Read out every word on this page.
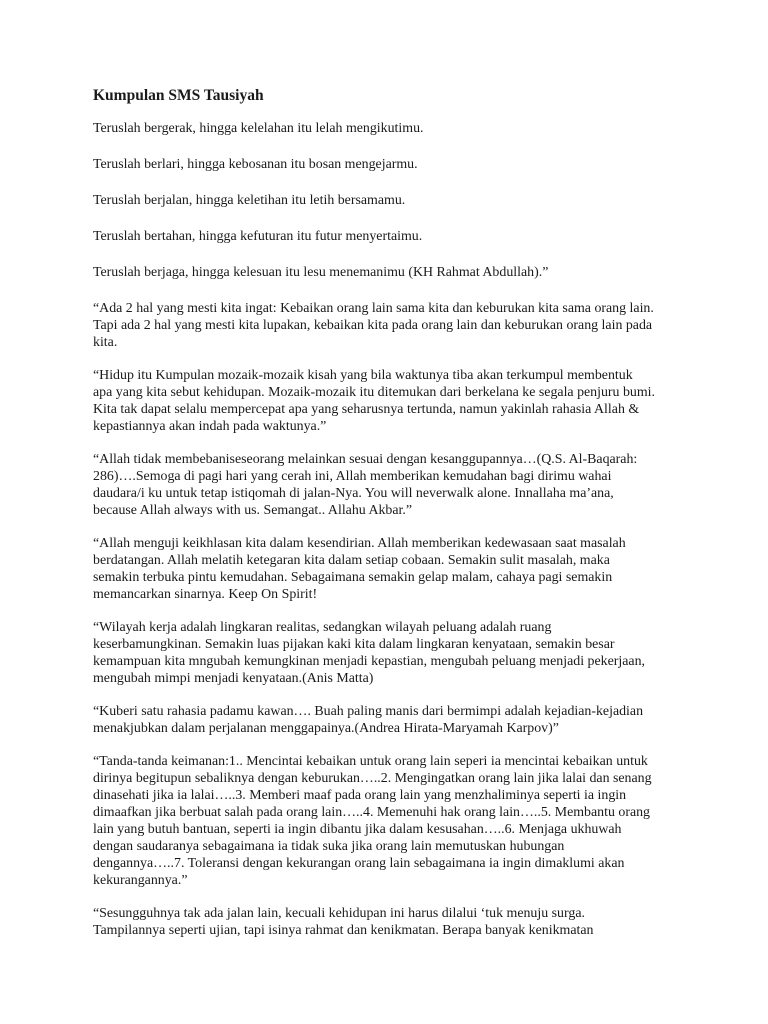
Kumpulan SMS Tausiyah

Teruslah bergerak, hingga kelelahan itu lelah mengikutimu.

Teruslah berlari, hingga kebosanan itu bosan mengejarmu.

Teruslah berjalan, hingga keletihan itu letih bersamamu.

Teruslah bertahan, hingga kefuturan itu futur menyertaimu.

Teruslah berjaga, hingga kelesuan itu lesu menemanimu (KH Rahmat Abdullah).”

“Ada 2 hal yang mesti kita ingat: Kebaikan orang lain sama kita dan keburukan kita sama orang lain. Tapi ada 2 hal yang mesti kita lupakan, kebaikan kita pada orang lain dan keburukan orang lain pada kita.

“Hidup itu Kumpulan mozaik-mozaik kisah yang bila waktunya tiba akan terkumpul membentuk apa yang kita sebut kehidupan. Mozaik-mozaik itu ditemukan dari berkelana ke segala penjuru bumi. Kita tak dapat selalu mempercepat apa yang seharusnya tertunda, namun yakinlah rahasia Allah & kepastiannya akan indah pada waktunya.”

“Allah tidak membebaniseseorang melainkan sesuai dengan kesanggupannya…(Q.S. Al-Baqarah: 286)….Semoga di pagi hari yang cerah ini, Allah memberikan kemudahan bagi dirimu wahai daudara/i ku untuk tetap istiqomah di jalan-Nya. You will neverwalk alone. Innallaha ma’ana, because Allah always with us. Semangat.. Allahu Akbar.”

“Allah menguji keikhlasan kita dalam kesendirian. Allah memberikan kedewasaan saat masalah berdatangan. Allah melatih ketegaran kita dalam setiap cobaan. Semakin sulit masalah, maka semakin terbuka pintu kemudahan. Sebagaimana semakin gelap malam, cahaya pagi semakin memancarkan sinarnya. Keep On Spirit!

“Wilayah kerja adalah lingkaran realitas, sedangkan wilayah peluang adalah ruang keserbamungkinan. Semakin luas pijakan kaki kita dalam lingkaran kenyataan, semakin besar kemampuan kita mngubah kemungkinan menjadi kepastian, mengubah peluang menjadi pekerjaan, mengubah mimpi menjadi kenyataan.(Anis Matta)

“Kuberi satu rahasia padamu kawan…. Buah paling manis dari bermimpi adalah kejadian-kejadian menakjubkan dalam perjalanan menggapainya.(Andrea Hirata-Maryamah Karpov)”

“Tanda-tanda keimanan:1.. Mencintai kebaikan untuk orang lain seperi ia mencintai kebaikan untuk dirinya begitupun sebaliknya dengan keburukan…..2. Mengingatkan orang lain jika lalai dan senang dinasehati jika ia lalai…..3. Memberi maaf pada orang lain yang menzhaliminya seperti ia ingin dimaafkan jika berbuat salah pada orang lain…..4. Memenuhi hak orang lain…..5. Membantu orang lain yang butuh bantuan, seperti ia ingin dibantu jika dalam kesusahan…..6. Menjaga ukhuwah dengan saudaranya sebagaimana ia tidak suka jika orang lain memutuskan hubungan dengannya…..7. Toleransi dengan kekurangan orang lain sebagaimana ia ingin dimaklumi akan kekurangannya.”

“Sesungguhnya tak ada jalan lain, kecuali kehidupan ini harus dilalui ‘tuk menuju surga. Tampilannya seperti ujian, tapi isinya rahmat dan kenikmatan. Berapa banyak kenikmatan
